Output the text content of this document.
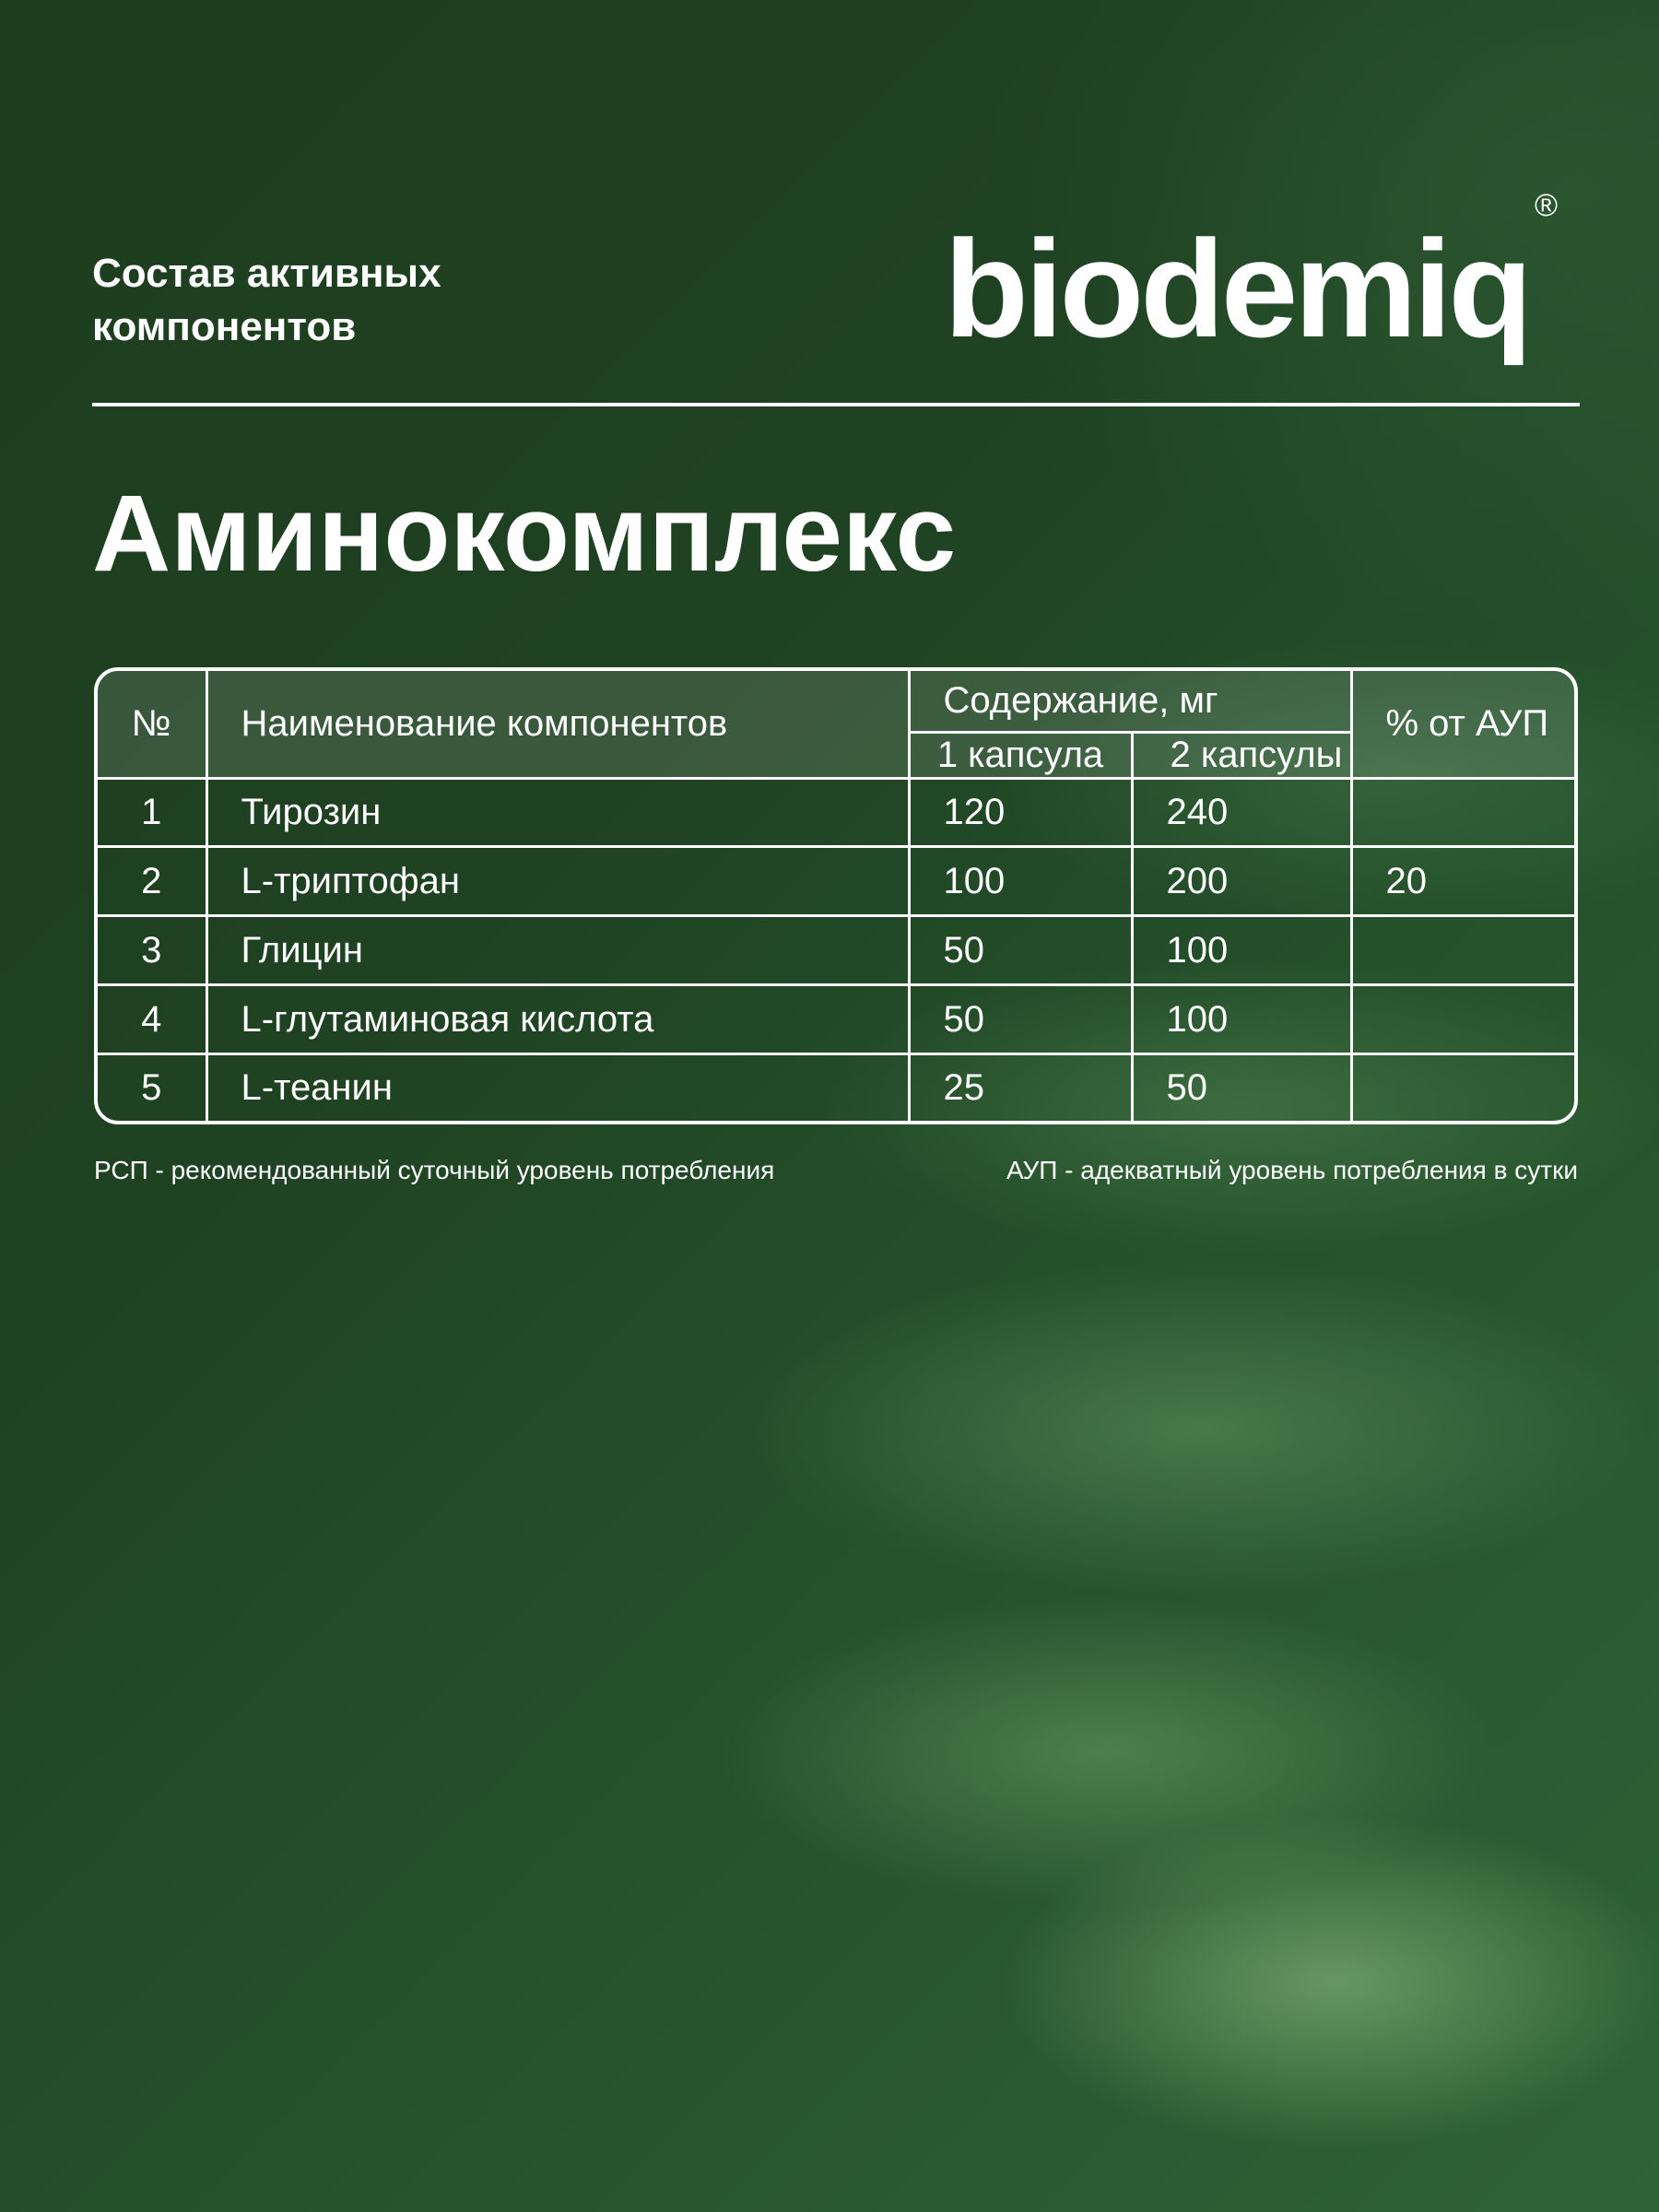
Состав активных
компонентов	biodemiq®
Аминокомплекс
№	Наименование компонентов	Содержание, мг		% от АУП
		1 капсула	2 капсулы	
1	Тирозин	120	240	
2	L-триптофан	100	200	20
3	Глицин	50	100	
4	L-глутаминовая кислота	50	100	
5	L-теанин	25	50	
РСП - рекомендованный суточный уровень потребления	АУП - адекватный уровень потребления в сутки
